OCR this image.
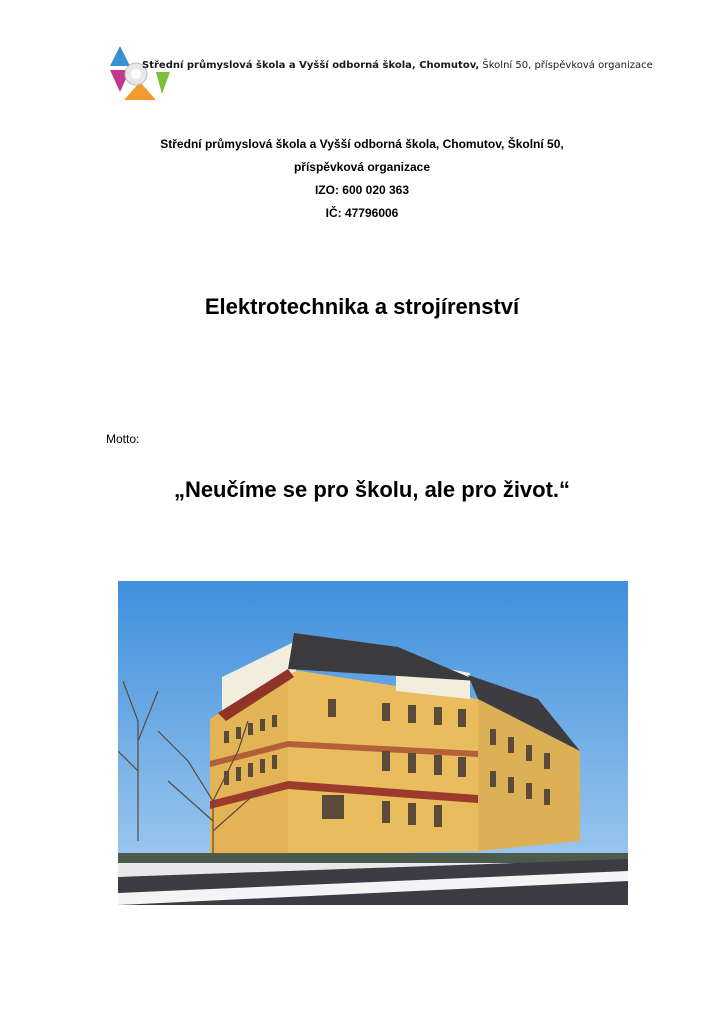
Střední průmyslová škola a Vyšší odborná škola, Chomutov, Školní 50, příspěvková organizace
Střední průmyslová škola a Vyšší odborná škola, Chomutov, Školní 50,
příspěvková organizace
IZO: 600 020 363
IČ: 47796006
Elektrotechnika a strojírenství
Motto:
„Neučíme se pro školu, ale pro život.“
